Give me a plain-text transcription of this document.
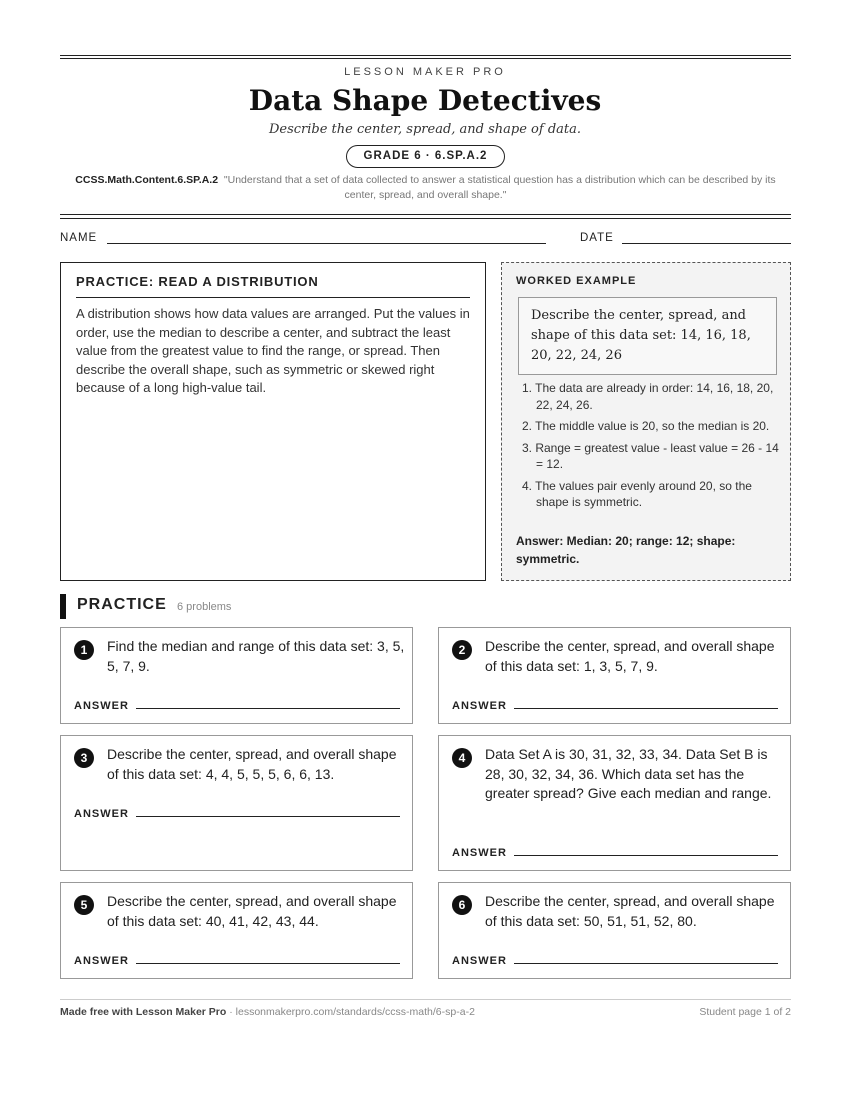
LESSON MAKER PRO
Data Shape Detectives
Describe the center, spread, and shape of data.
GRADE 6 · 6.SP.A.2
CCSS.Math.Content.6.SP.A.2 "Understand that a set of data collected to answer a statistical question has a distribution which can be described by its center, spread, and overall shape."
NAME	DATE
PRACTICE: READ A DISTRIBUTION

A distribution shows how data values are arranged. Put the values in order, use the median to describe a center, and subtract the least value from the greatest value to find the range, or spread. Then describe the overall shape, such as symmetric or skewed right because of a long high-value tail.

WORKED EXAMPLE
Describe the center, spread, and shape of this data set: 14, 16, 18, 20, 22, 24, 26
1. The data are already in order: 14, 16, 18, 20, 22, 24, 26.
2. The middle value is 20, so the median is 20.
3. Range = greatest value - least value = 26 - 14 = 12.
4. The values pair evenly around 20, so the shape is symmetric.
Answer: Median: 20; range: 12; shape: symmetric.
PRACTICE 6 problems
1	Find the median and range of this data set: 3, 5, 5, 7, 9.
ANSWER
2	Describe the center, spread, and overall shape of this data set: 1, 3, 5, 7, 9.
ANSWER
3	Describe the center, spread, and overall shape of this data set: 4, 4, 5, 5, 5, 6, 6, 13.
ANSWER
4	Data Set A is 30, 31, 32, 33, 34. Data Set B is 28, 30, 32, 34, 36. Which data set has the greater spread? Give each median and range.
ANSWER
5	Describe the center, spread, and overall shape of this data set: 40, 41, 42, 43, 44.
ANSWER
6	Describe the center, spread, and overall shape of this data set: 50, 51, 51, 52, 80.
ANSWER
Made free with Lesson Maker Pro · lessonmakerpro.com/standards/ccss-math/6-sp-a-2	Student page 1 of 2
